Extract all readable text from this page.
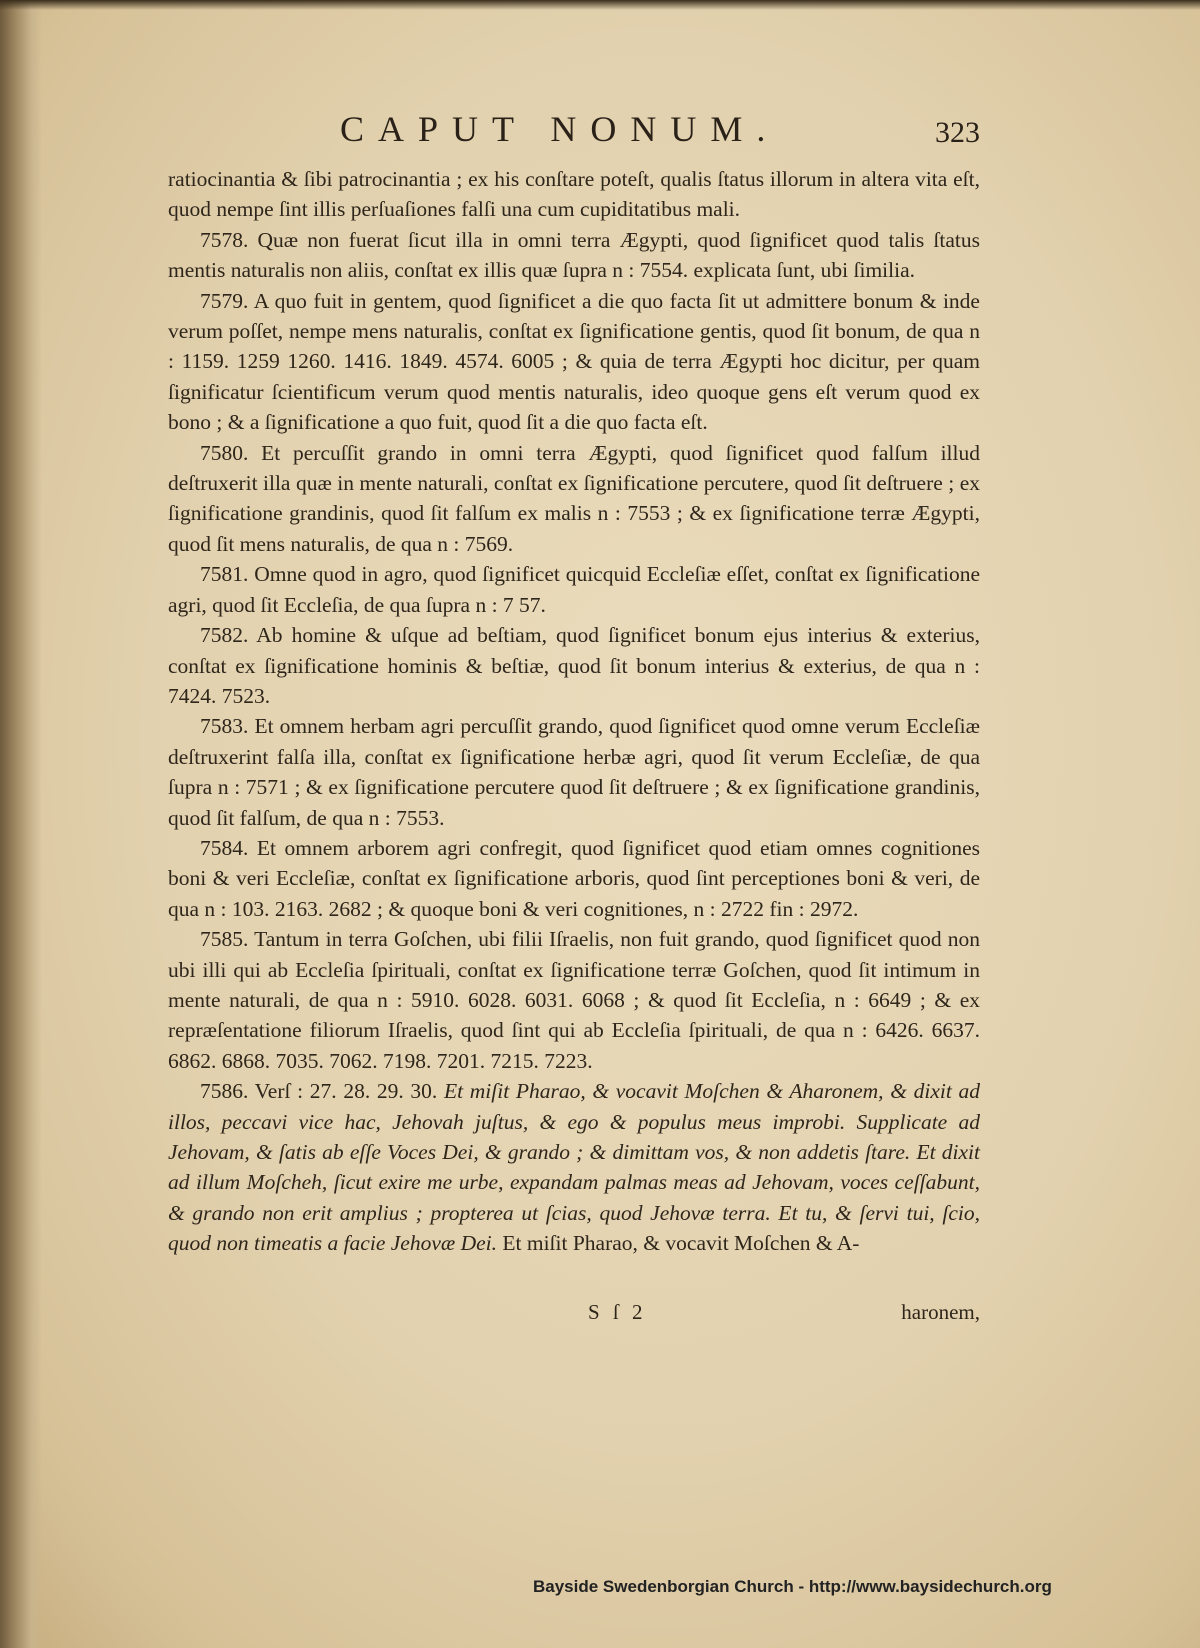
CAPUT NONUM.	323

ratiocinantia & ſibi patrocinantia ; ex his conſtare poteſt, qualis ſtatus illorum in altera vita eſt, quod nempe ſint illis perſuaſiones falſi una cum cupiditatibus mali.

7578. Quæ non fuerat ſicut illa in omni terra Ægypti, quod ſignificet quod talis ſtatus mentis naturalis non aliis, conſtat ex illis quæ ſupra n : 7554. explicata ſunt, ubi ſimilia.

7579. A quo fuit in gentem, quod ſignificet a die quo facta ſit ut admittere bonum & inde verum poſſet, nempe mens naturalis, conſtat ex ſignificatione gentis, quod ſit bonum, de qua n : 1159. 1259 1260. 1416. 1849. 4574. 6005 ; & quia de terra Ægypti hoc dicitur, per quam ſignificatur ſcientificum verum quod mentis naturalis, ideo quoque gens eſt verum quod ex bono ; & a ſignificatione a quo fuit, quod ſit a die quo facta eſt.

7580. Et percuſſit grando in omni terra Ægypti, quod ſignificet quod falſum illud deſtruxerit illa quæ in mente naturali, conſtat ex ſignificatione percutere, quod ſit deſtruere ; ex ſignificatione grandinis, quod ſit falſum ex malis n : 7553 ; & ex ſignificatione terræ Ægypti, quod ſit mens naturalis, de qua n : 7569.

7581. Omne quod in agro, quod ſignificet quicquid Eccleſiæ eſſet, conſtat ex ſignificatione agri, quod ſit Eccleſia, de qua ſupra n : 7 57.

7582. Ab homine & uſque ad beſtiam, quod ſignificet bonum ejus interius & exterius, conſtat ex ſignificatione hominis & beſtiæ, quod ſit bonum interius & exterius, de qua n : 7424. 7523.

7583. Et omnem herbam agri percuſſit grando, quod ſignificet quod omne verum Eccleſiæ deſtruxerint falſa illa, conſtat ex ſignificatione herbæ agri, quod ſit verum Eccleſiæ, de qua ſupra n : 7571 ; & ex ſignificatione percutere quod ſit deſtruere ; & ex ſignificatione grandinis, quod ſit falſum, de qua n : 7553.

7584. Et omnem arborem agri confregit, quod ſignificet quod etiam omnes cognitiones boni & veri Eccleſiæ, conſtat ex ſignificatione arboris, quod ſint perceptiones boni & veri, de qua n : 103. 2163. 2682 ; & quoque boni & veri cognitiones, n : 2722 fin : 2972.

7585. Tantum in terra Goſchen, ubi filii Iſraelis, non fuit grando, quod ſignificet quod non ubi illi qui ab Eccleſia ſpirituali, conſtat ex ſignificatione terræ Goſchen, quod ſit intimum in mente naturali, de qua n : 5910. 6028. 6031. 6068 ; & quod ſit Eccleſia, n : 6649 ; & ex repræſentatione filiorum Iſraelis, quod ſint qui ab Eccleſia ſpirituali, de qua n : 6426. 6637. 6862. 6868. 7035. 7062. 7198. 7201. 7215. 7223.

7586. Verſ : 27. 28. 29. 30. Et miſit Pharao, & vocavit Moſchen & Aharonem, & dixit ad illos, peccavi vice hac, Jehovah juſtus, & ego & populus meus improbi. Supplicate ad Jehovam, & ſatis ab eſſe Voces Dei, & grando ; & dimittam vos, & non addetis ſtare. Et dixit ad illum Moſcheh, ſicut exire me urbe, expandam palmas meas ad Jehovam, voces ceſſabunt, & grando non erit amplius ; propterea ut ſcias, quod Jehovæ terra. Et tu, & ſervi tui, ſcio, quod non timeatis a facie Jehovæ Dei. Et miſit Pharao, & vocavit Moſchen & A-

S ſ 2	haronem,
Bayside Swedenborgian Church - http://www.baysidechurch.org
